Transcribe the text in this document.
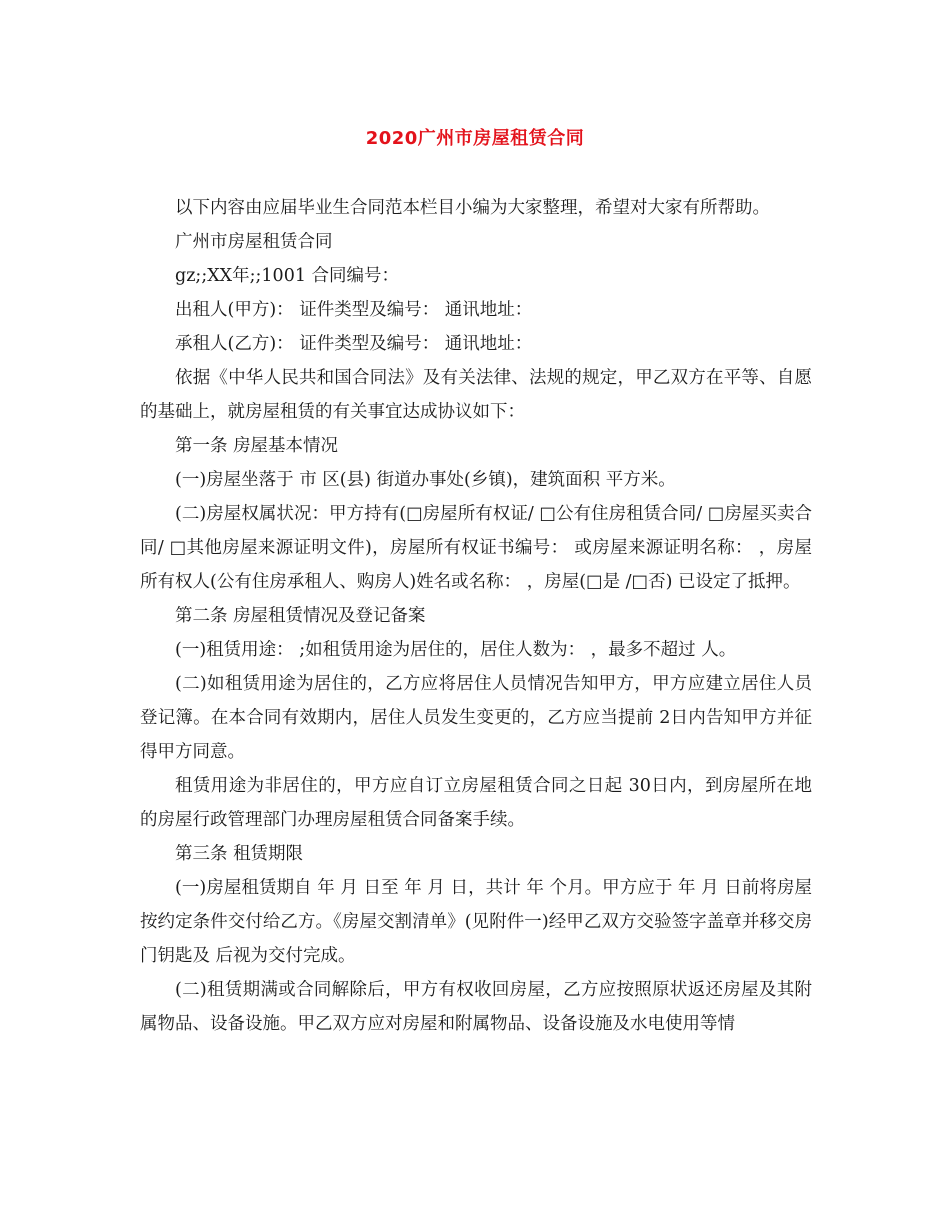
2020广州市房屋租赁合同

以下内容由应届毕业生合同范本栏目小编为大家整理，希望对大家有所帮助。

广州市房屋租赁合同

gz;;XX年;;1001 合同编号：

出租人(甲方)： 证件类型及编号： 通讯地址：

承租人(乙方)： 证件类型及编号： 通讯地址：

依据《中华人民共和国合同法》及有关法律、法规的规定，甲乙双方在平等、自愿的基础上，就房屋租赁的有关事宜达成协议如下：

第一条 房屋基本情况

(一)房屋坐落于 市 区(县) 街道办事处(乡镇)，建筑面积 平方米。

(二)房屋权属状况：甲方持有(□房屋所有权证/ □公有住房租赁合同/ □房屋买卖合同/ □其他房屋来源证明文件)，房屋所有权证书编号： 或房屋来源证明名称： ，房屋所有权人(公有住房承租人、购房人)姓名或名称： ，房屋(□是 /□否) 已设定了抵押。

第二条 房屋租赁情况及登记备案

(一)租赁用途： ;如租赁用途为居住的，居住人数为： ，最多不超过 人。

(二)如租赁用途为居住的，乙方应将居住人员情况告知甲方，甲方应建立居住人员登记簿。在本合同有效期内，居住人员发生变更的，乙方应当提前 2日内告知甲方并征得甲方同意。

租赁用途为非居住的，甲方应自订立房屋租赁合同之日起 30日内，到房屋所在地的房屋行政管理部门办理房屋租赁合同备案手续。

第三条 租赁期限

(一)房屋租赁期自 年 月 日至 年 月 日，共计 年 个月。甲方应于 年 月 日前将房屋按约定条件交付给乙方。《房屋交割清单》(见附件一)经甲乙双方交验签字盖章并移交房门钥匙及 后视为交付完成。

(二)租赁期满或合同解除后，甲方有权收回房屋，乙方应按照原状返还房屋及其附属物品、设备设施。甲乙双方应对房屋和附属物品、设备设施及水电使用等情
